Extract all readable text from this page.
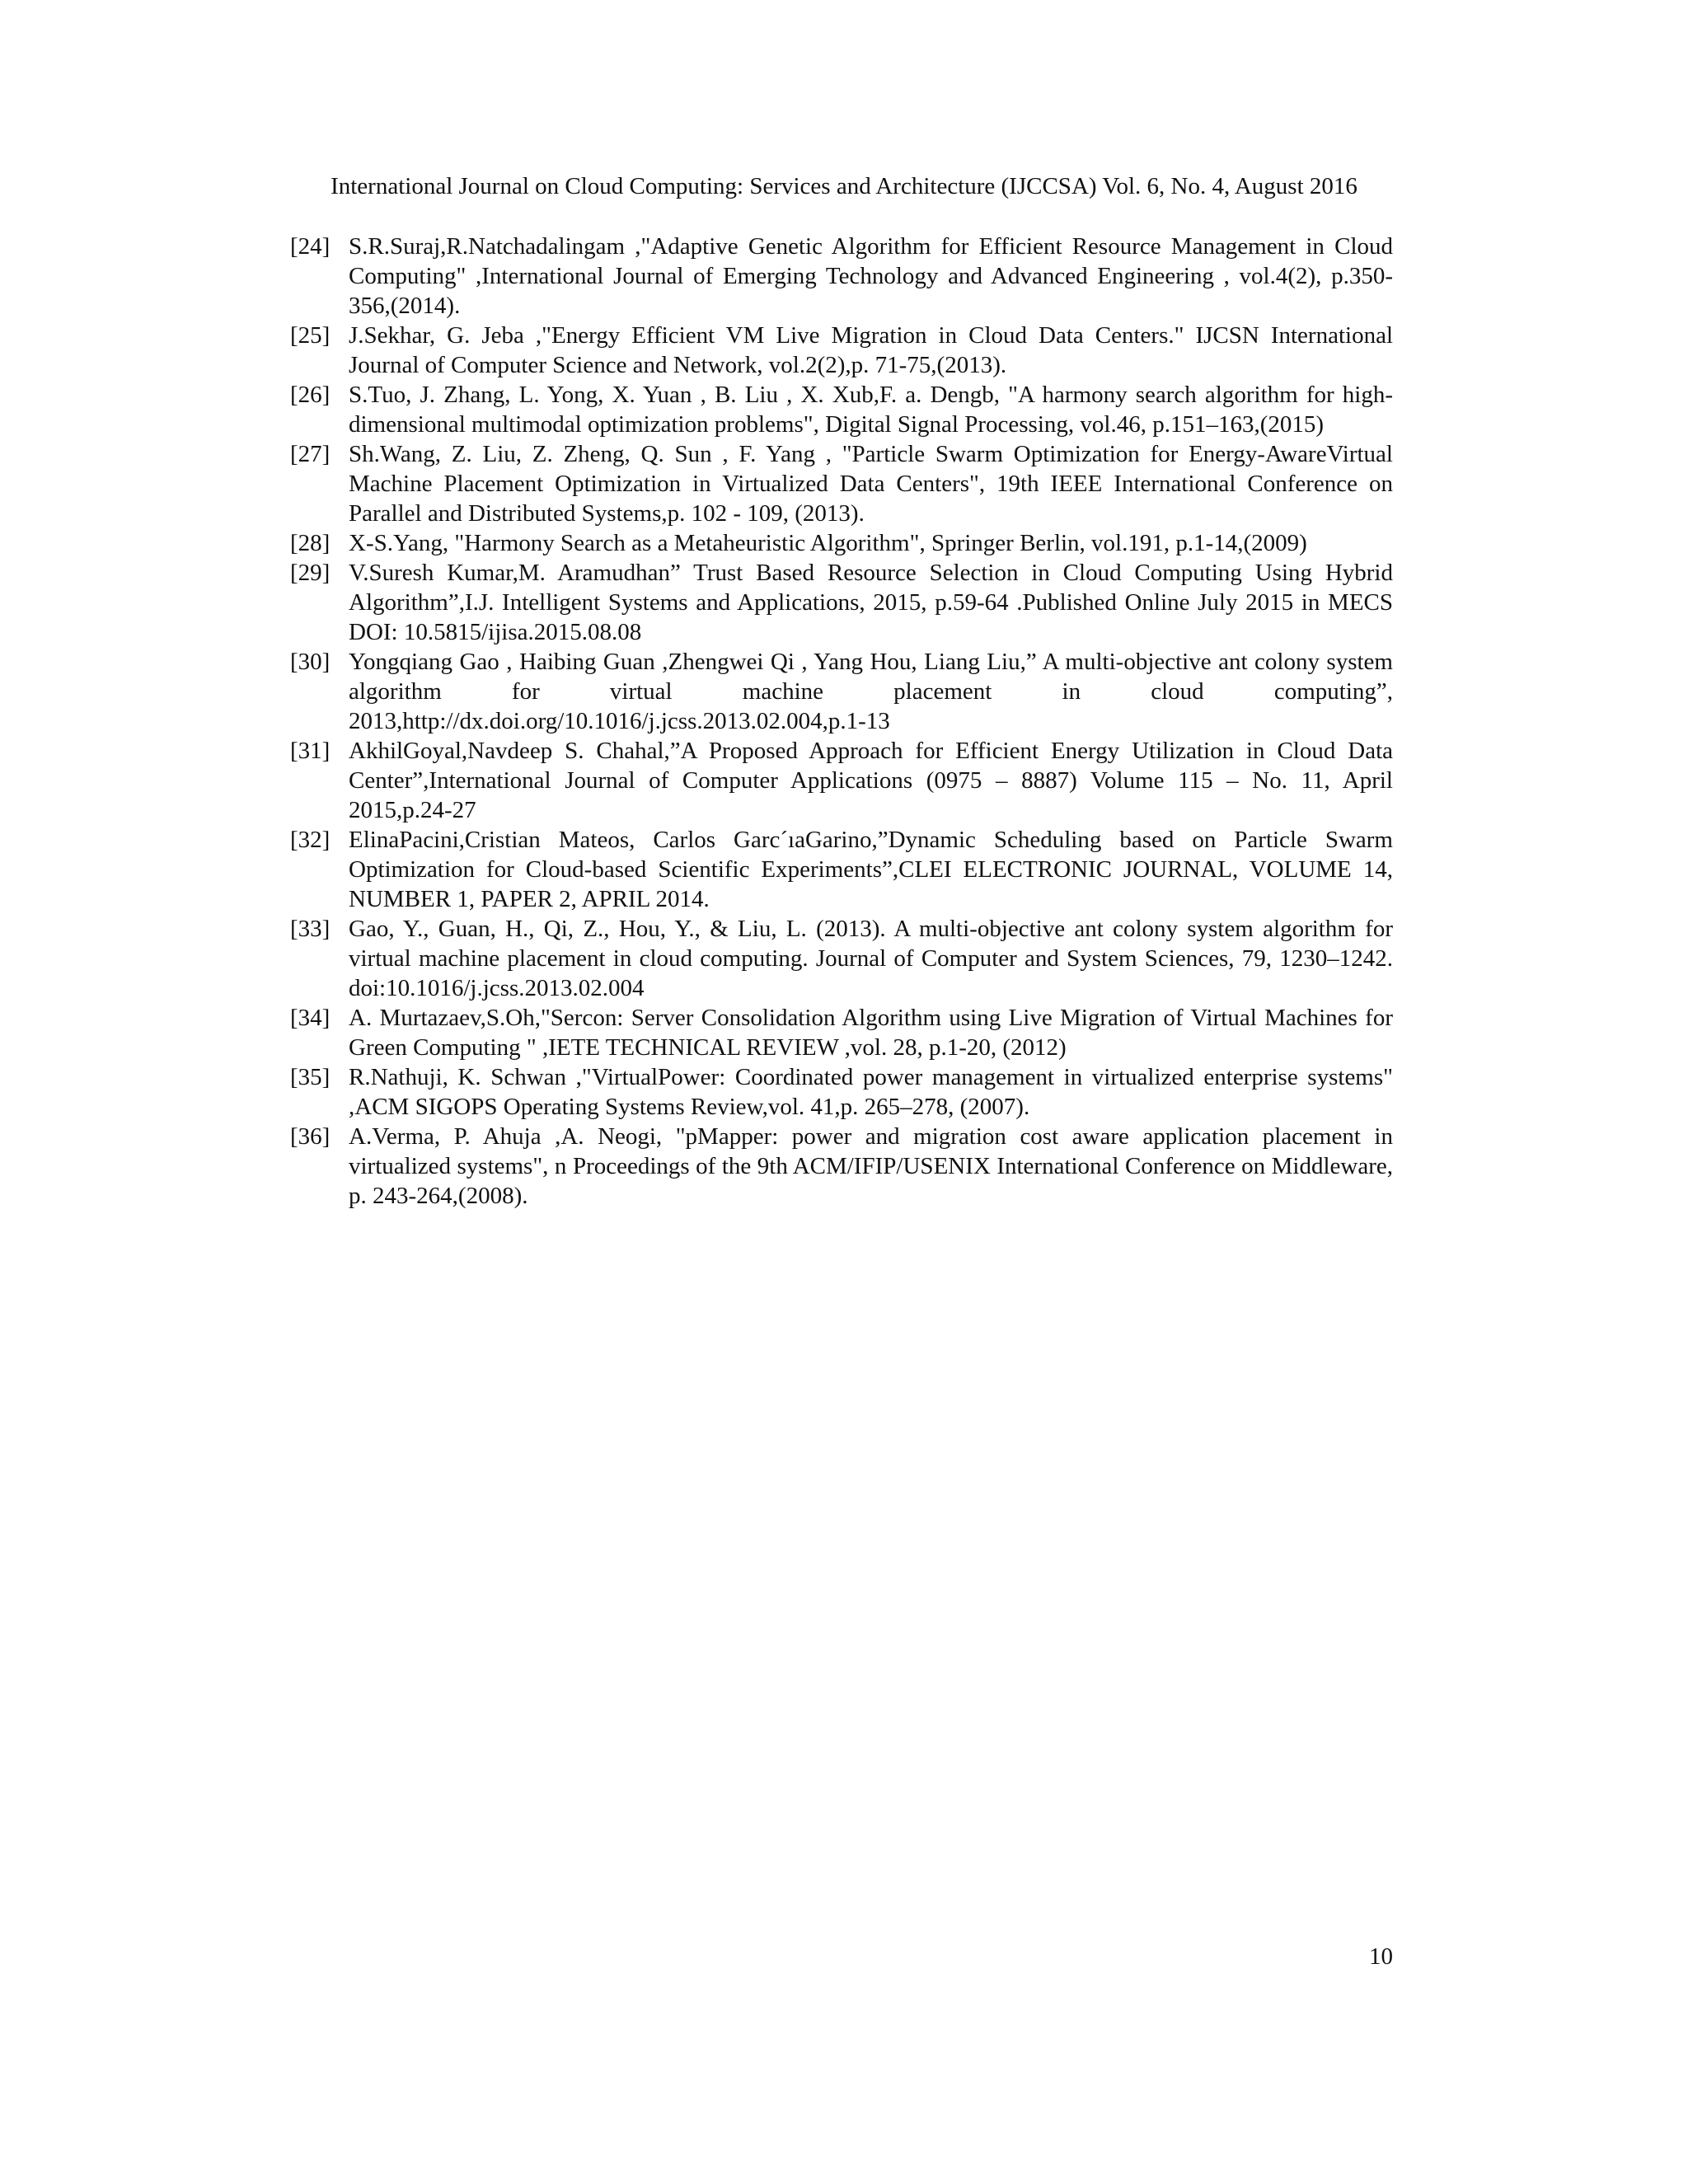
International Journal on Cloud Computing: Services and Architecture (IJCCSA) Vol. 6, No. 4, August 2016
[24] S.R.Suraj,R.Natchadalingam ,"Adaptive Genetic Algorithm for Efficient Resource Management in Cloud Computing" ,International Journal of Emerging Technology and Advanced Engineering , vol.4(2), p.350-356,(2014).
[25] J.Sekhar, G. Jeba ,"Energy Efficient VM Live Migration in Cloud Data Centers." IJCSN International Journal of Computer Science and Network, vol.2(2),p. 71-75,(2013).
[26] S.Tuo, J. Zhang, L. Yong, X. Yuan , B. Liu , X. Xub,F. a. Dengb, "A harmony search algorithm for high-dimensional multimodal optimization problems", Digital Signal Processing, vol.46, p.151–163,(2015)
[27] Sh.Wang, Z. Liu, Z. Zheng, Q. Sun , F. Yang , "Particle Swarm Optimization for Energy-AwareVirtual Machine Placement Optimization in Virtualized Data Centers", 19th IEEE International Conference on Parallel and Distributed Systems,p. 102 - 109, (2013).
[28] X-S.Yang, "Harmony Search as a Metaheuristic Algorithm", Springer Berlin, vol.191, p.1-14,(2009)
[29] V.Suresh Kumar,M. Aramudhan” Trust Based Resource Selection in Cloud Computing Using Hybrid Algorithm”,I.J. Intelligent Systems and Applications, 2015, p.59-64 .Published Online July 2015 in MECS DOI: 10.5815/ijisa.2015.08.08
[30] Yongqiang Gao , Haibing Guan ,Zhengwei Qi , Yang Hou, Liang Liu,” A multi-objective ant colony system algorithm for virtual machine placement in cloud computing”, 2013,http://dx.doi.org/10.1016/j.jcss.2013.02.004,p.1-13
[31] AkhilGoyal,Navdeep S. Chahal,”A Proposed Approach for Efficient Energy Utilization in Cloud Data Center”,International Journal of Computer Applications (0975 – 8887) Volume 115 – No. 11, April 2015,p.24-27
[32] ElinaPacini,Cristian Mateos, Carlos Garc´ıaGarino,”Dynamic Scheduling based on Particle Swarm Optimization for Cloud-based Scientific Experiments”,CLEI ELECTRONIC JOURNAL, VOLUME 14, NUMBER 1, PAPER 2, APRIL 2014.
[33] Gao, Y., Guan, H., Qi, Z., Hou, Y., & Liu, L. (2013). A multi-objective ant colony system algorithm for virtual machine placement in cloud computing. Journal of Computer and System Sciences, 79, 1230–1242. doi:10.1016/j.jcss.2013.02.004
[34] A. Murtazaev,S.Oh,"Sercon: Server Consolidation Algorithm using Live Migration of Virtual Machines for Green Computing " ,IETE TECHNICAL REVIEW ,vol. 28, p.1-20, (2012)
[35] R.Nathuji, K. Schwan ,"VirtualPower: Coordinated power management in virtualized enterprise systems" ,ACM SIGOPS Operating Systems Review,vol. 41,p. 265–278, (2007).
[36] A.Verma, P. Ahuja ,A. Neogi, "pMapper: power and migration cost aware application placement in virtualized systems", n Proceedings of the 9th ACM/IFIP/USENIX International Conference on Middleware, p. 243-264,(2008).
10
